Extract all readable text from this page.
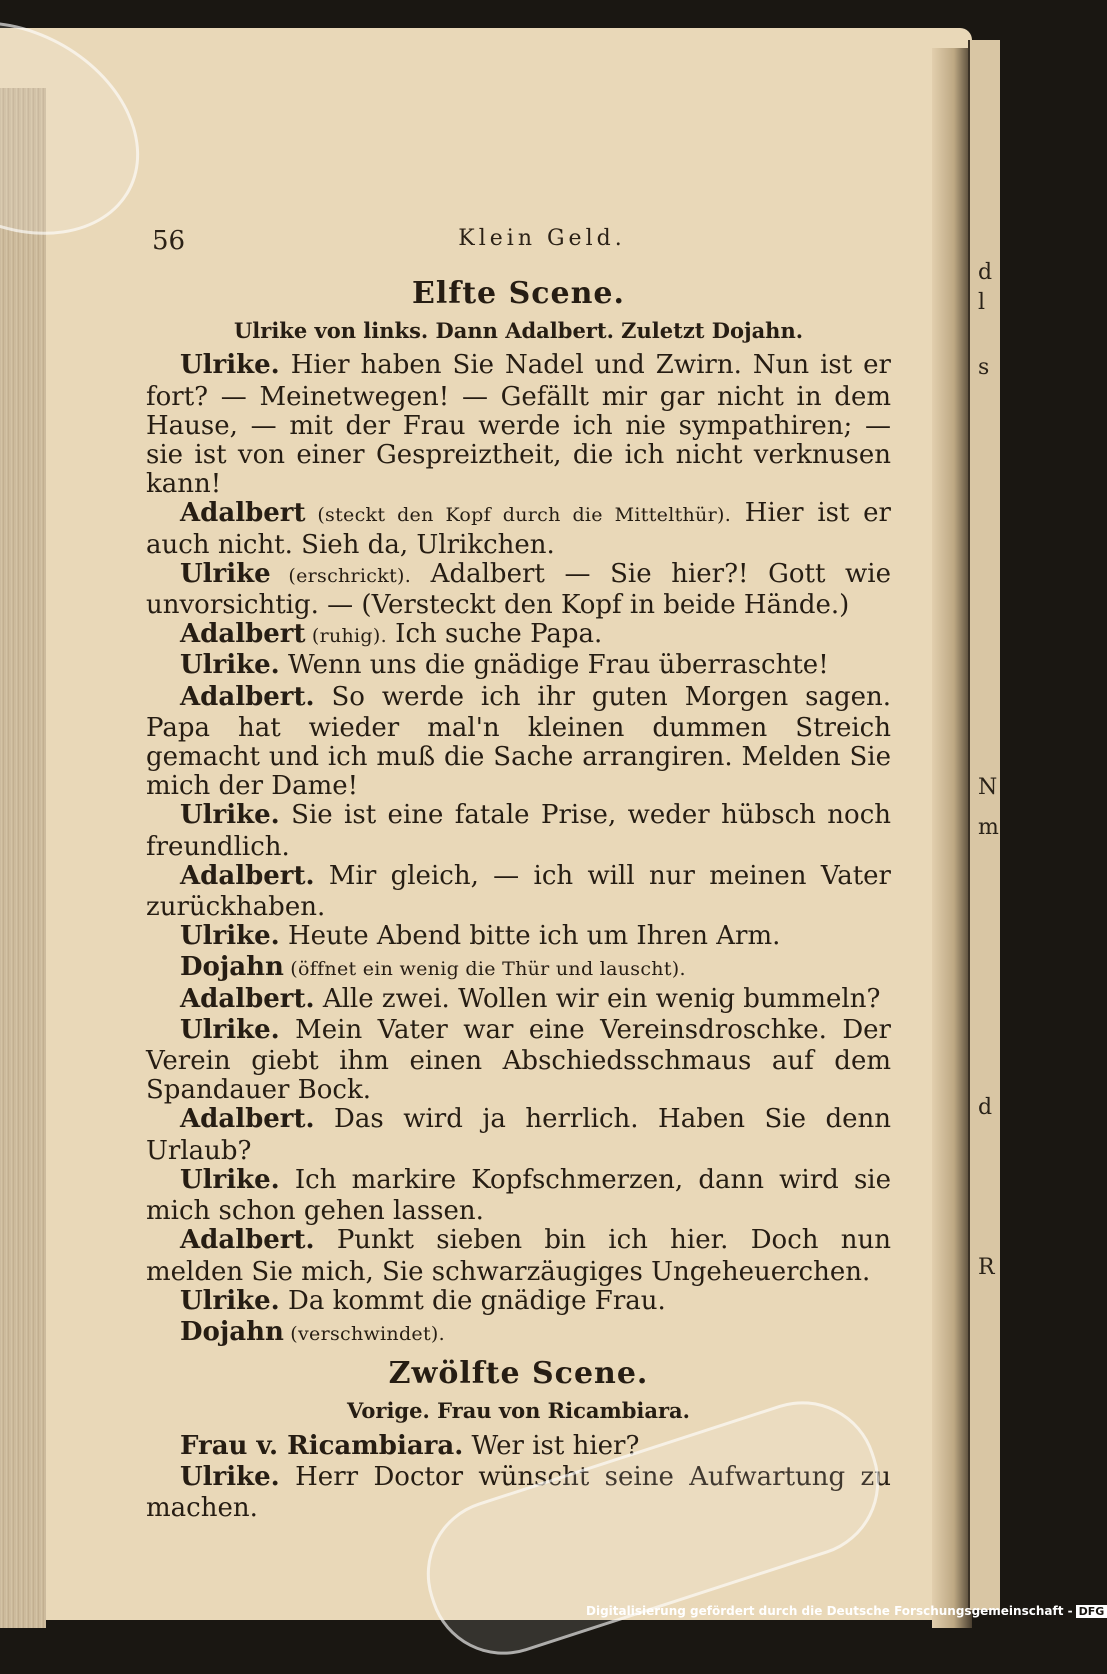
56	Klein Geld.
Elfte Scene.
Ulrike von links. Dann Adalbert. Zuletzt Dojahn.

Ulrike. Hier haben Sie Nadel und Zwirn. Nun ist er fort? — Meinetwegen! — Gefällt mir gar nicht in dem Hause, — mit der Frau werde ich nie sympathiren; — sie ist von einer Gespreiztheit, die ich nicht verknusen kann!

Adalbert (steckt den Kopf durch die Mittelthür). Hier ist er auch nicht. Sieh da, Ulrikchen.

Ulrike (erschrickt). Adalbert — Sie hier?! Gott wie unvorsichtig. — (Versteckt den Kopf in beide Hände.)

Adalbert (ruhig). Ich suche Papa.

Ulrike. Wenn uns die gnädige Frau überraschte!

Adalbert. So werde ich ihr guten Morgen sagen. Papa hat wieder mal'n kleinen dummen Streich gemacht und ich muß die Sache arrangiren. Melden Sie mich der Dame!

Ulrike. Sie ist eine fatale Prise, weder hübsch noch freundlich.

Adalbert. Mir gleich, — ich will nur meinen Vater zurückhaben.

Ulrike. Heute Abend bitte ich um Ihren Arm.

Dojahn (öffnet ein wenig die Thür und lauscht).

Adalbert. Alle zwei. Wollen wir ein wenig bummeln?

Ulrike. Mein Vater war eine Vereinsdroschke. Der Verein giebt ihm einen Abschiedsschmaus auf dem Spandauer Bock.

Adalbert. Das wird ja herrlich. Haben Sie denn Urlaub?

Ulrike. Ich markire Kopfschmerzen, dann wird sie mich schon gehen lassen.

Adalbert. Punkt sieben bin ich hier. Doch nun melden Sie mich, Sie schwarzäugiges Ungeheuerchen.

Ulrike. Da kommt die gnädige Frau.

Dojahn (verschwindet).

Zwölfte Scene.
Vorige. Frau von Ricambiara.

Frau v. Ricambiara. Wer ist hier?

Ulrike. Herr Doctor wünscht seine Aufwartung zu machen.

d
l
s
N
m
d
R
Digitalisierung gefördert durch die Deutsche Forschungsgemeinschaft - DFG
